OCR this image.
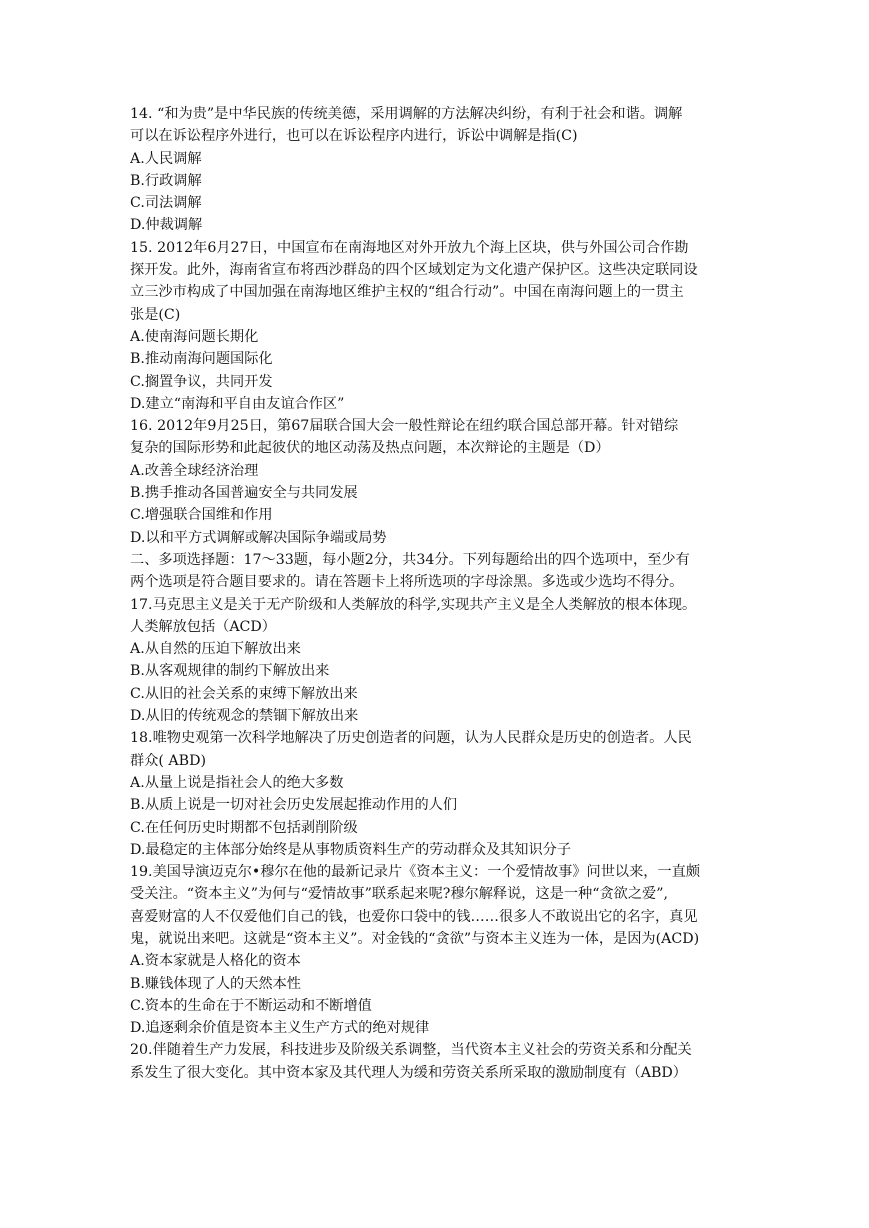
14. “和为贵”是中华民族的传统美德，采用调解的方法解决纠纷，有利于社会和谐。调解
可以在诉讼程序外进行，也可以在诉讼程序内进行，诉讼中调解是指(C)
A.人民调解
B.行政调解
C.司法调解
D.仲裁调解
15. 2012年6月27日，中国宣布在南海地区对外开放九个海上区块，供与外国公司合作勘
探开发。此外，海南省宣布将西沙群岛的四个区域划定为文化遗产保护区。这些决定联同设
立三沙市构成了中国加强在南海地区维护主权的“组合行动”。中国在南海问题上的一贯主
张是(C)
A.使南海问题长期化
B.推动南海问题国际化
C.搁置争议，共同开发
D.建立“南海和平自由友谊合作区”
16. 2012年9月25日，第67届联合国大会一般性辩论在纽约联合国总部开幕。针对错综
复杂的国际形势和此起彼伏的地区动荡及热点问题，本次辩论的主题是（D）
A.改善全球经济治理
B.携手推动各国普遍安全与共同发展
C.增强联合国维和作用
D.以和平方式调解或解决国际争端或局势
二、多项选择题：17～33题，每小题2分，共34分。下列每题给出的四个选项中，至少有
两个选项是符合题目要求的。请在答题卡上将所选项的字母涂黑。多选或少选均不得分。
17.马克思主义是关于无产阶级和人类解放的科学,实现共产主义是全人类解放的根本体现。
人类解放包括（ACD）
A.从自然的压迫下解放出来
B.从客观规律的制约下解放出来
C.从旧的社会关系的束缚下解放出来
D.从旧的传统观念的禁锢下解放出来
18.唯物史观第一次科学地解决了历史创造者的问题，认为人民群众是历史的创造者。人民
群众( ABD)
A.从量上说是指社会人的绝大多数
B.从质上说是一切对社会历史发展起推动作用的人们
C.在任何历史时期都不包括剥削阶级
D.最稳定的主体部分始终是从事物质资料生产的劳动群众及其知识分子
19.美国导演迈克尔•穆尔在他的最新记录片《资本主义：一个爱情故事》问世以来，一直颇
受关注。“资本主义”为何与“爱情故事”联系起来呢?穆尔解释说，这是一种“贪欲之爱”,
喜爱财富的人不仅爱他们自己的钱，也爱你口袋中的钱……很多人不敢说出它的名字，真见
鬼，就说出来吧。这就是“资本主义”。对金钱的“贪欲”与资本主义连为一体，是因为(ACD)
A.资本家就是人格化的资本
B.赚钱体现了人的天然本性
C.资本的生命在于不断运动和不断增值
D.追逐剩余价值是资本主义生产方式的绝对规律
20.伴随着生产力发展，科技进步及阶级关系调整，当代资本主义社会的劳资关系和分配关
系发生了很大变化。其中资本家及其代理人为缓和劳资关系所采取的激励制度有（ABD）
